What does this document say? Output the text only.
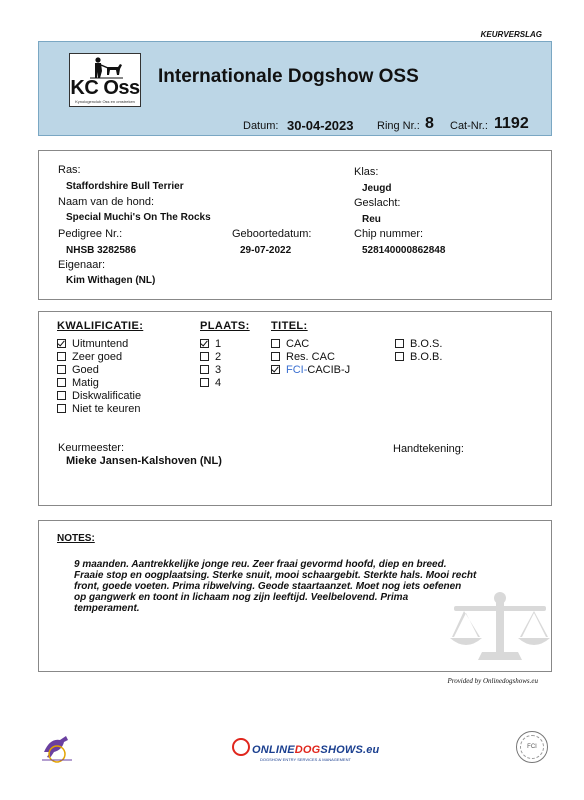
KEURVERSLAG
KC Oss
Kynologenclub Oss en omstreken
Internationale Dogshow OSS
Datum: 30-04-2023 Ring Nr.: 8 Cat-Nr.: 1192
Ras:
Staffordshire Bull Terrier
Naam van de hond:
Special Muchi's On The Rocks
Pedigree Nr.:
NHSB 3282586
Geboortedatum:
29-07-2022
Eigenaar:
Kim Withagen (NL)
Klas:
Jeugd
Geslacht:
Reu
Chip nummer:
528140000862848
KWALIFICATIE:
Uitmuntend
Zeer goed
Goed
Matig
Diskwalificatie
Niet te keuren
PLAATS:
1
2
3
4
TITEL:
CAC
Res. CAC
FCI- CACIB-J
B.O.S.
B.O.B.
Keurmeester:
Mieke Jansen-Kalshoven (NL)
Handtekening:
NOTES:
9 maanden. Aantrekkelijke jonge reu. Zeer fraai gevormd hoofd, diep en breed.
Fraaie stop en oogplaatsing. Sterke snuit, mooi schaargebit. Sterkte hals. Mooi recht
front, goede voeten. Prima ribwelving. Geode staartaanzet. Moet nog iets oefenen
op gangwerk en toont in lichaam nog zijn leeftijd. Veelbelovend. Prima
temperament.
Provided by Onlinedogshows.eu
ONLINEDOGSHOWS.eu
DOGSHOW ENTRY SERVICES & MANAGEMENT
FCI
